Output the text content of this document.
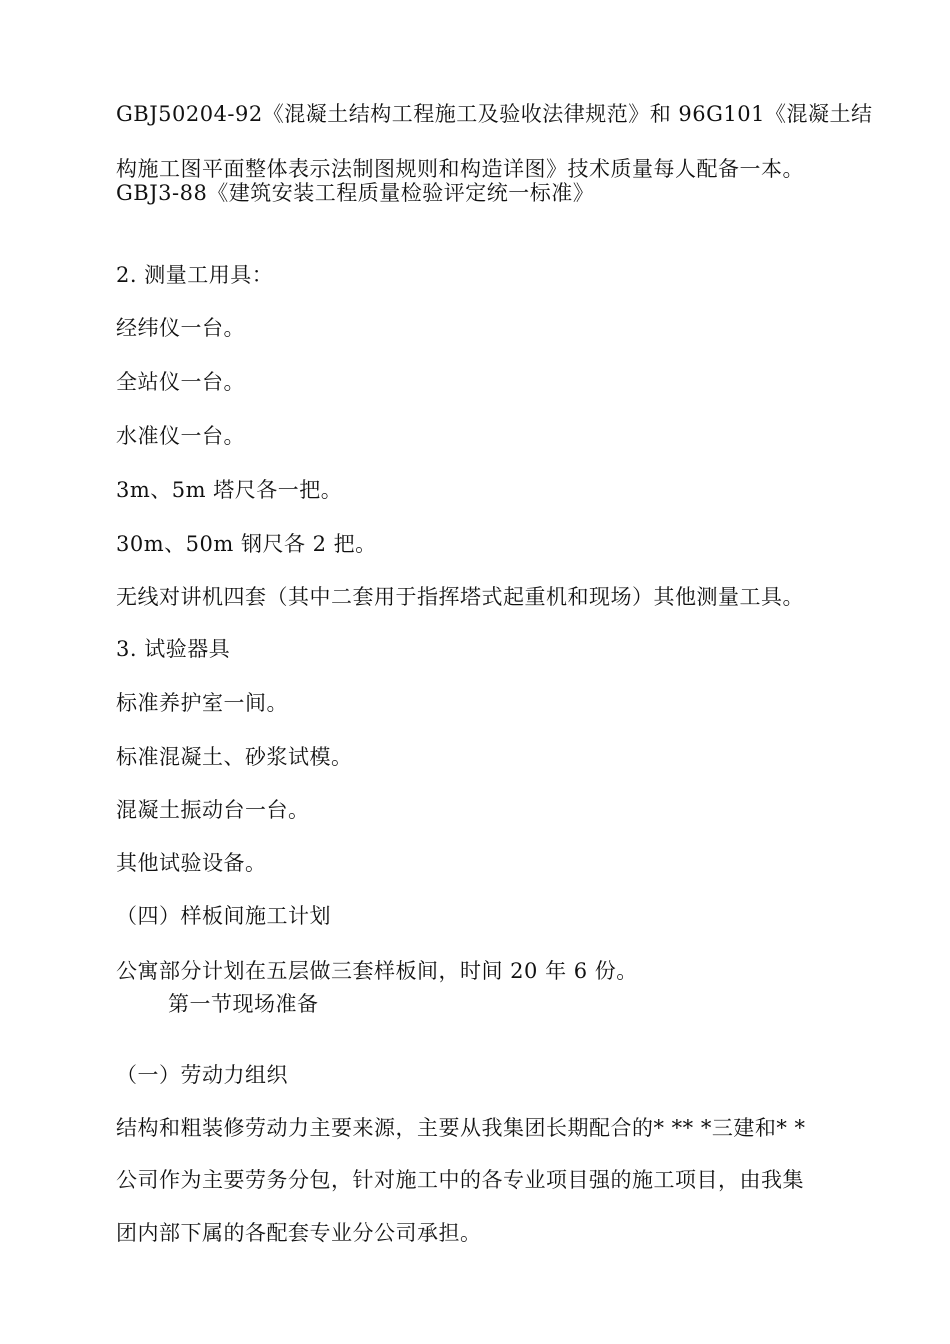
GBJ50204-92《混凝土结构工程施工及验收法律规范》和 96G101《混凝土结
构施工图平面整体表示法制图规则和构造详图》技术质量每人配备一本。
GBJ3-88《建筑安装工程质量检验评定统一标准》
2. 测量工用具：
经纬仪一台。
全站仪一台。
水准仪一台。
3m、5m 塔尺各一把。
30m、50m 钢尺各 2 把。
无线对讲机四套（其中二套用于指挥塔式起重机和现场）其他测量工具。
3. 试验器具
标准养护室一间。
标准混凝土、砂浆试模。
混凝土振动台一台。
其他试验设备。
（四）样板间施工计划
公寓部分计划在五层做三套样板间，时间 20 年 6 份。
第一节现场准备
（一）劳动力组织
结构和粗装修劳动力主要来源，主要从我集团长期配合的* ** *三建和* *
公司作为主要劳务分包，针对施工中的各专业项目强的施工项目，由我集
团内部下属的各配套专业分公司承担。
